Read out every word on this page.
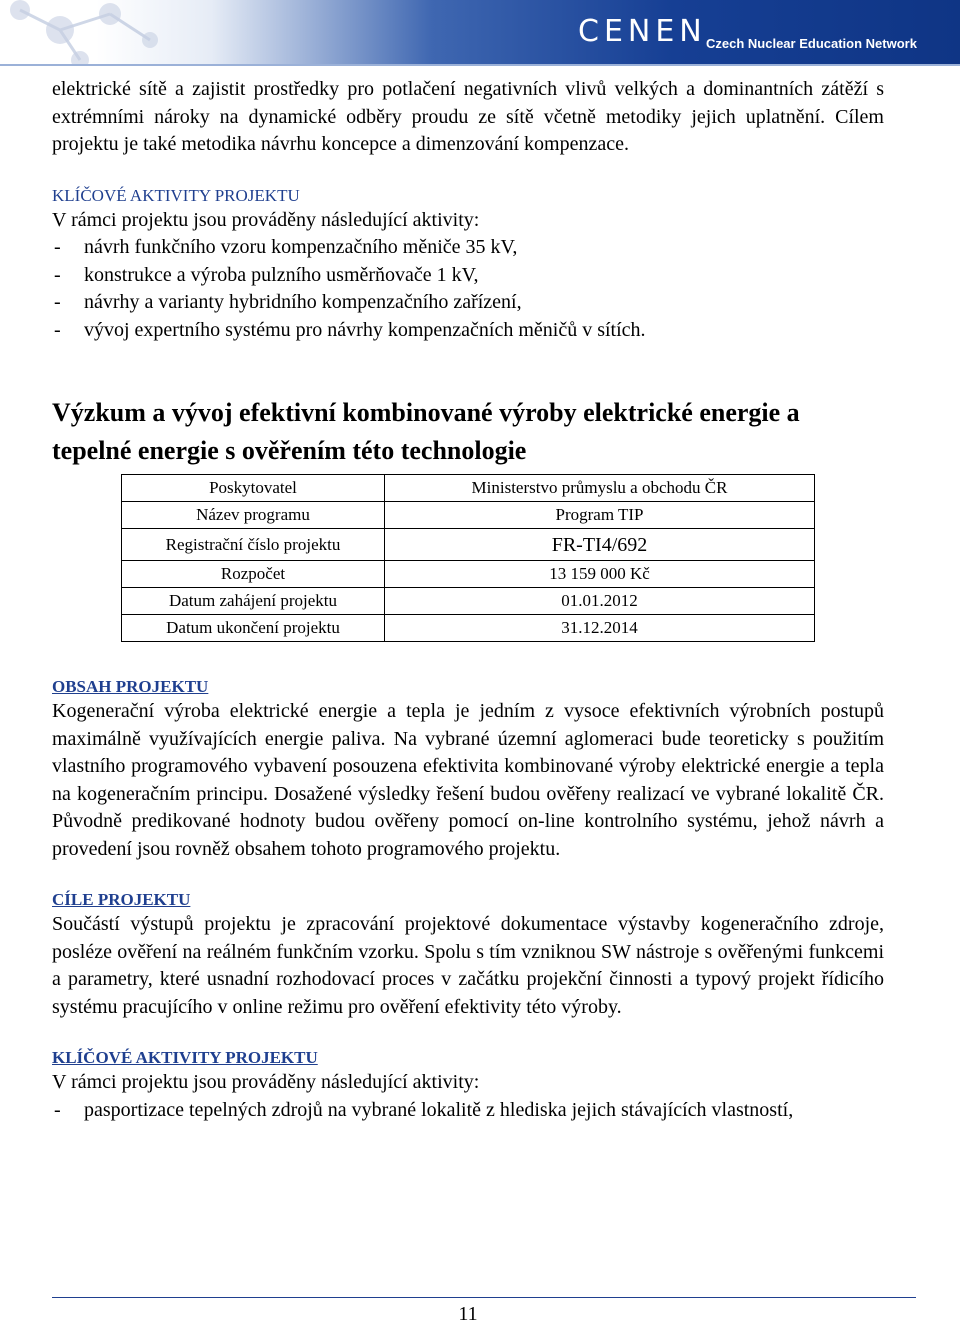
CENEN Czech Nuclear Education Network

elektrické sítě a zajistit prostředky pro potlačení negativních vlivů velkých a dominantních zátěží s extrémními nároky na dynamické odběry proudu ze sítě včetně metodiky jejich uplatnění. Cílem projektu je také metodika návrhu koncepce a dimenzování kompenzace.

KLÍČOVÉ AKTIVITY PROJEKTU

V rámci projektu jsou prováděny následující aktivity:

- návrh funkčního vzoru kompenzačního měniče 35 kV,
- konstrukce a výroba pulzního usměrňovače 1 kV,
- návrhy a varianty hybridního kompenzačního zařízení,
- vývoj expertního systému pro návrhy kompenzačních měničů v sítích.
Výzkum a vývoj efektivní kombinované výroby elektrické energie a tepelné energie s ověřením této technologie
Poskytovatel	Ministerstvo průmyslu a obchodu ČR
Název programu	Program TIP
Registrační číslo projektu	FR-TI4/692
Rozpočet	13 159 000 Kč
Datum zahájení projektu	01.01.2012
Datum ukončení projektu	31.12.2014
OBSAH PROJEKTU

Kogenerační výroba elektrické energie a tepla je jedním z vysoce efektivních výrobních postupů maximálně využívajících energie paliva. Na vybrané územní aglomeraci bude teoreticky s použitím vlastního programového vybavení posouzena efektivita kombinované výroby elektrické energie a tepla na kogeneračním principu. Dosažené výsledky řešení budou ověřeny realizací ve vybrané lokalitě ČR. Původně predikované hodnoty budou ověřeny pomocí on-line kontrolního systému, jehož návrh a provedení jsou rovněž obsahem tohoto programového projektu.

CÍLE PROJEKTU

Součástí výstupů projektu je zpracování projektové dokumentace výstavby kogeneračního zdroje, posléze ověření na reálném funkčním vzorku. Spolu s tím vzniknou SW nástroje s ověřenými funkcemi a parametry, které usnadní rozhodovací proces v začátku projekční činnosti a typový projekt řídicího systému pracujícího v online režimu pro ověření efektivity této výroby.

KLÍČOVÉ AKTIVITY PROJEKTU

V rámci projektu jsou prováděny následující aktivity:

- pasportizace tepelných zdrojů na vybrané lokalitě z hlediska jejich stávajících vlastností,
11
